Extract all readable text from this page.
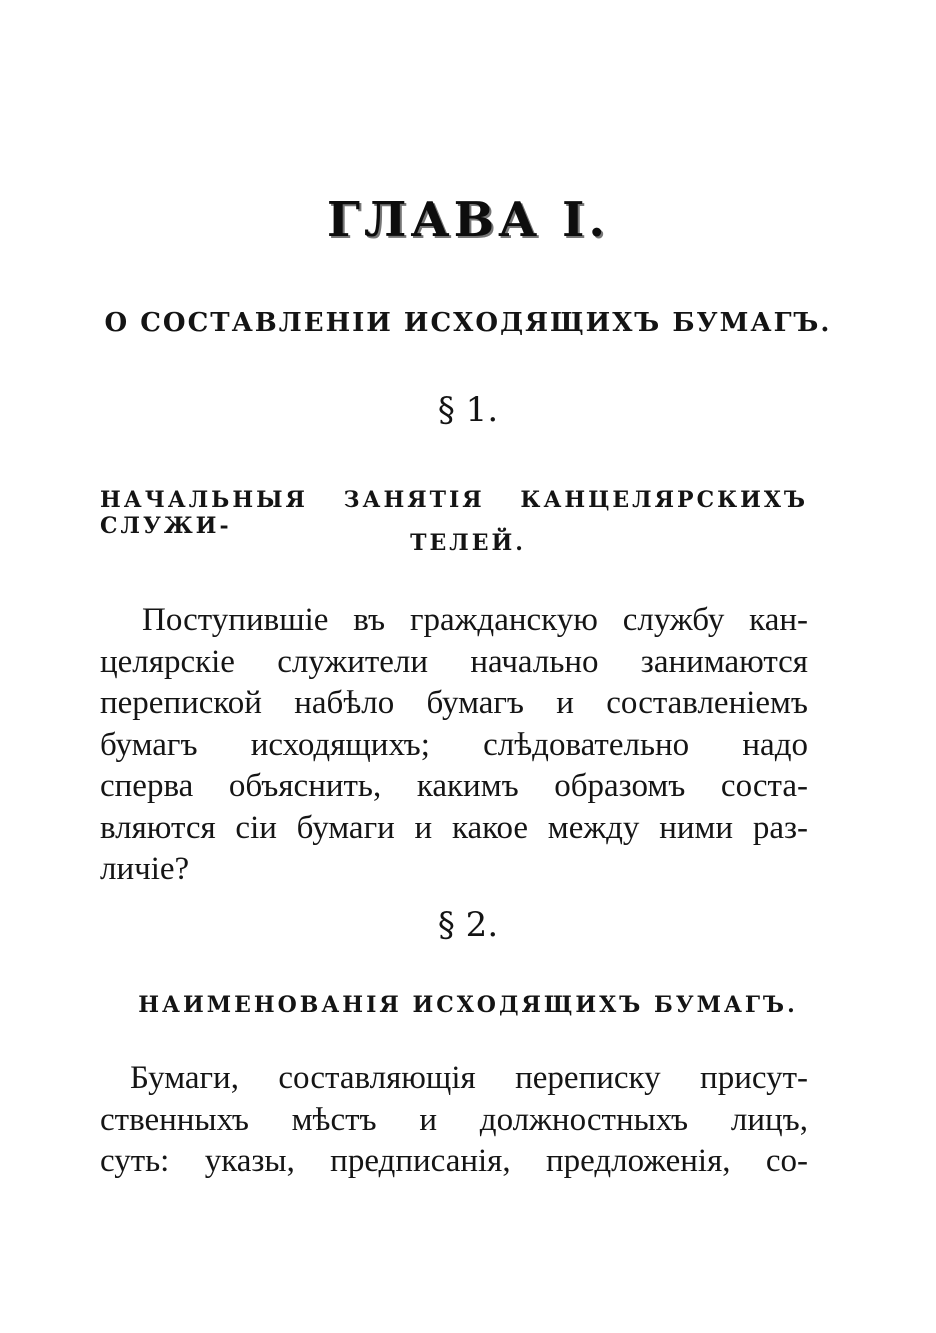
ГЛАВА I.
О СОСТАВЛЕНІИ ИСХОДЯЩИХЪ БУМАГЪ.
§ 1.
НАЧАЛЬНЫЯ ЗАНЯТІЯ КАНЦЕЛЯРСКИХЪ СЛУЖИ-
ТЕЛЕЙ.
Поступившіе въ гражданскую службу кан-
целярскіе служители начально занимаются
перепиской набѣло бумагъ и составленіемъ
бумагъ исходящихъ; слѣдовательно надо
сперва объяснить, какимъ образомъ соста-
вляются сіи бумаги и какое между ними раз-
личіе?
§ 2.
НАИМЕНОВАНІЯ ИСХОДЯЩИХЪ БУМАГЪ.
Бумаги, составляющія переписку присут-
ственныхъ мѣстъ и должностныхъ лицъ,
суть: указы, предписанія, предложенія, со-
